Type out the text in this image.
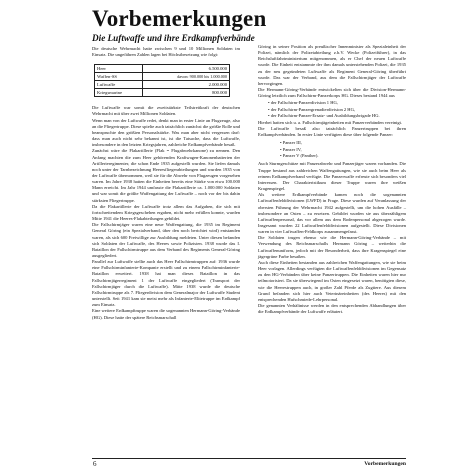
Vorbemerkungen
Die Luftwaffe und ihre Erdkampfverbände

Die deutsche Wehrmacht hatte zwischen 9 und 10 Millionen Soldaten im Einsatz. Die ungefähren Zahlen lagen bei Höchstbesetzung wie folgt:

Heer	6.500.000
Waffen-SS	davon: 900.000 bis 1.000.000
Luftwaffe	2.000.000
Kriegsmarine	800.000

Die Luftwaffe war somit die zweitstärkste Teilstreitkraft der deutschen Wehrmacht mit über zwei Millionen Soldaten.

Wenn man von der Luftwaffe redet, denkt man in erster Linie an Flugzeuge, also an die Fliegertruppe. Diese spielte auch tatsächlich zunächst die größte Rolle und beanspruchte den größten Personalstärke. Was man aber nicht vergessen darf: dass man auch nicht sehr bekannt ist, ist die Tatsache, dass die Luftwaffe, insbesondere in den letzten Kriegsjahren, zahlreiche Erdkampfverbände besaß.

Zunächst wäre die Flakartillerie (Flak = Flugabwehrkanone) zu nennen. Den Anfang machten die zum Heer gehörenden Kraftwagen-Kanonenbatterien der Artillerieregimenter, die schon Ende 1935 aufgestellt wurden. Sie liefen damals noch unter der Tarnbezeichnung Heeresfliegerabteilungen und wurden 1935 von der Luftwaffe übernommen, weil sie für die Abwehr von Flugzeugen vorgesehen waren. Im Jahre 1938 hatten die Einheiten bereits eine Stärke von etwa 100.000 Mann erreicht. Im Jahr 1944 umfasste die Flakartillerie ca. 1.000.000 Soldaten und war somit die größte Waffengattung der Luftwaffe – noch vor der bis dahin stärksten Fliegertruppe.

Da die Flakartillerie der Luftwaffe trotz allem das Aufgaben, die sich mit fortschreitendem Kriegsgeschehen ergaben, nicht mehr erfüllen konnte, wurden Mitte 1941 die Heeres-Flakabteilungen gebildet.

Die Fallschirmjäger waren eine neue Waffengattung, die 1935 im Regiment General Göring (ein Spezialverband, über den noch berichtet wird) entstanden waren, als sich 600 Freiwillige zur Ausbildung meldeten. Unter diesen befanden sich Soldaten der Luftwaffe, des Heeres sowie Polizisten. 1938 wurde das I. Bataillon der Fallschirmtruppe aus dem Verband des Regiments General-Göring ausgegliedert.

Parallel zur Luftwaffe stellte auch das Heer Fallschirmtruppen auf: 1936 wurde eine Fallschirminfanterie-Kompanie erstellt und zu einem Fallschirminfanterie-Bataillon erweitert. 1938 hat man dieses Bataillon in das Fallschirmjägerregiment 1 der Luftwaffe eingegliedert (Transport der Fallschirmjäger durch die Luftwaffe). Mitte 1938 wurde die deutsche Fallschirmtruppe als 7. Fliegerdivision dem Generalmajor der Luftwaffe Student unterstellt. Seit 1941 kam sie meist mehr als Infanterie-Elitetruppe im Erdkampf zum Einsatz.

Eine weitere Erdkampftruppe waren die sogenannten Hermann-Göring-Verbände (HG). Diese hatte der spätere Reichsmarschall

Göring in seiner Position als preußischer Innenminister als Spezialeinheit der Polizei, nämlich der Polizeiabteilung z.b.V. Wecke (Polizeiführer), in das Reichsluftfahrtministerium mitgenommen, als er Chef der neuen Luftwaffe wurde. Die Einheit entstammte der ihm damals unterstehenden Polizei, die 1935 zu der neu gegründeten Luftwaffe als Regiment General-Göring überführt wurde. Das war der Verband, aus dem die Fallschirmjäger der Luftwaffe hervorgingen.

Die Hermann-Göring-Verbände entwickelten sich über die Division-Hermann-Göring letztlich zum Fallschirm-Panzerkorps HG. Dieses bestand 1944 aus

• der Fallschirm-Panzerdivision 1 HG,
• der Fallschirm-Panzergrenadierdivision 2 HG,
• der Fallschirm-Panzer-Ersatz- und Ausbildungsbrigade HG.

Hierbei hatten sich u. a. Fallschirmjägeinheiten mit Panzerverbänden vereinigt.

Die Luftwaffe besaß also tatsächlich Panzertruppen bei ihren Erdkampfverbänden. In erster Linie verfügten diese über folgende Panzer:

• Panzer III,
• Panzer IV,
• Panzer V (Panther).

Auch Sturmgeschütze mit Panzerabwehr und Panzerjäger waren vorhanden. Die Truppe bestand aus zahlreichen Waffengattungen, wie sie auch beim Heer als reinem Erdkampfverband verfügte. Die Panzerwaffe erfreute sich besonders viel Interessen. Der Charakteristikum dieser Truppe waren ihre weißen Kragenspiegel.

Als weitere Erdkampfverbände kamen noch die sogenannten Luftwaffenfelddivisionen (LWFD) in Frage. Diese wurden auf Veranlassung der obersten Führung der Wehrmacht 1942 aufgestellt, um die hohen Ausfälle – insbesondere an Osten – zu ersetzen. Gebildet wurden sie aus überzähligem Luftwaffenpersonal, das vor allem aus dem Bodenpersonal abgezogen wurde. Insgesamt wurden 22 Luftwaffenfelddivisionen aufgestellt. Diese Divisionen waren in vier Luftwaffen-Feldkorps zusammengefasst.

Die Soldaten trugen ebenso wie die Hermann-Göring-Verbände – mit Verwendung des Reichsmarschalls Hermann Göring – weiterhin die Luftwaffenuniform, jedoch mit der Besonderheit, dass ihre Kragenspiegel eine jägergrüne Farbe besaßen.

Auch diese Einheiten bestanden aus zahlreichen Waffengattungen, wie sie beim Heer vorlagen. Allerdings verfügten die Luftwaffenfelddivisionen im Gegensatz zu den HG-Verbänden über keine Panzertruppen. Die Einheiten waren hier nur teilmotorisiert. Da sie überwiegend im Osten eingesetzt waren, benötigten diese, wie die Heerestruppen auch, in großer Zahl Pferde als Zugtiere. Aus diesem Grund befanden sich hier auch Veterinäreinheiten (des Heeres) mit den entsprechenden Hufschmiede-Lehrpersonal.

Die genannten Verhältnisse werden in den entsprechenden Abhandlungen über die Erdkampfverbände der Luftwaffe erläutert.

6	Vorbemerkungen
